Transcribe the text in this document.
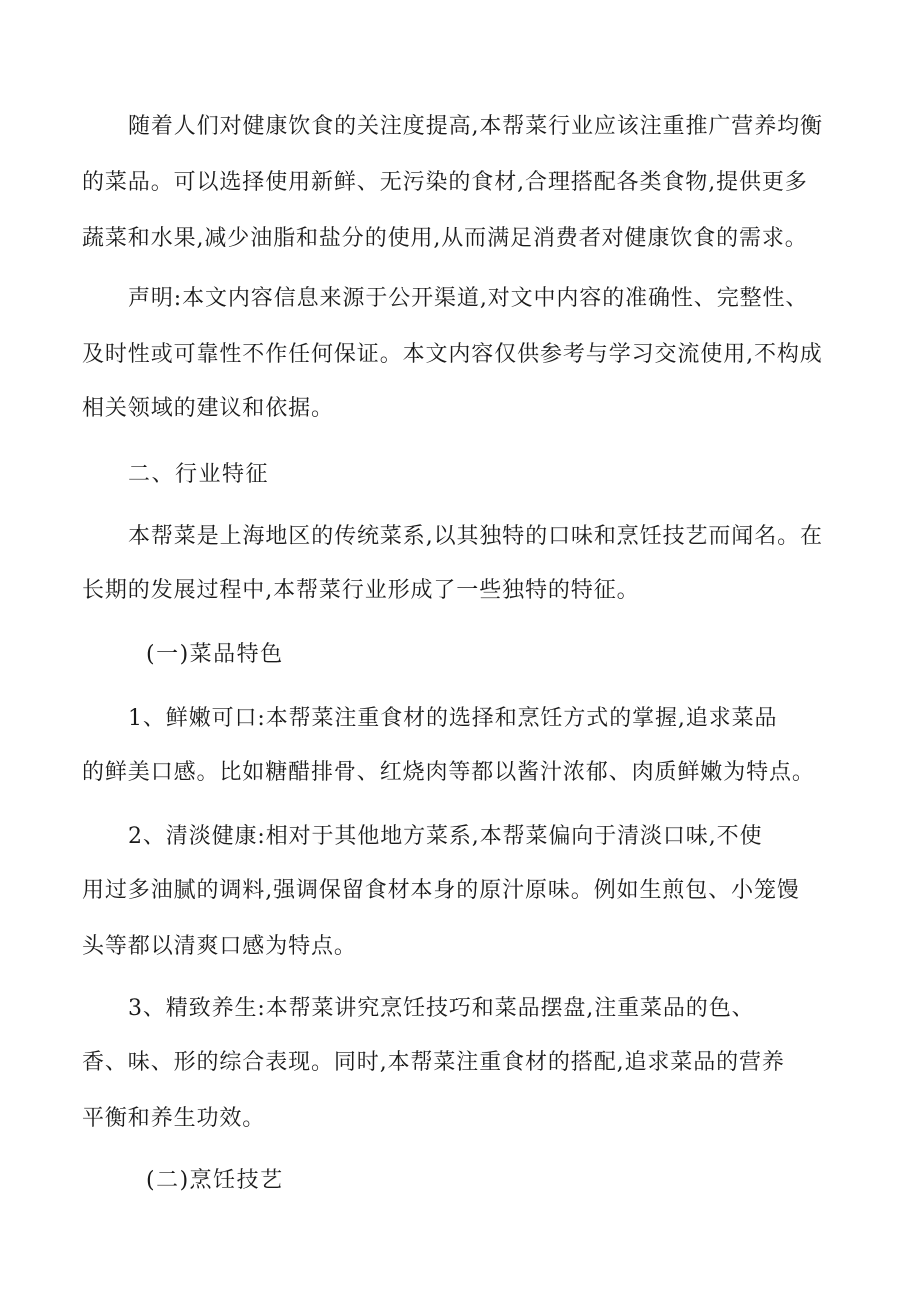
随着人们对健康饮食的关注度提高,本帮菜行业应该注重推广营养均衡
的菜品。可以选择使用新鲜、无污染的食材,合理搭配各类食物,提供更多
蔬菜和水果,减少油脂和盐分的使用,从而满足消费者对健康饮食的需求。
声明:本文内容信息来源于公开渠道,对文中内容的准确性、完整性、
及时性或可靠性不作任何保证。本文内容仅供参考与学习交流使用,不构成
相关领域的建议和依据。
二、行业特征
本帮菜是上海地区的传统菜系,以其独特的口味和烹饪技艺而闻名。在
长期的发展过程中,本帮菜行业形成了一些独特的特征。
(一)菜品特色
1、鲜嫩可口:本帮菜注重食材的选择和烹饪方式的掌握,追求菜品
的鲜美口感。比如糖醋排骨、红烧肉等都以酱汁浓郁、肉质鲜嫩为特点。
2、清淡健康:相对于其他地方菜系,本帮菜偏向于清淡口味,不使
用过多油腻的调料,强调保留食材本身的原汁原味。例如生煎包、小笼馒
头等都以清爽口感为特点。
3、精致养生:本帮菜讲究烹饪技巧和菜品摆盘,注重菜品的色、
香、味、形的综合表现。同时,本帮菜注重食材的搭配,追求菜品的营养
平衡和养生功效。
(二)烹饪技艺
